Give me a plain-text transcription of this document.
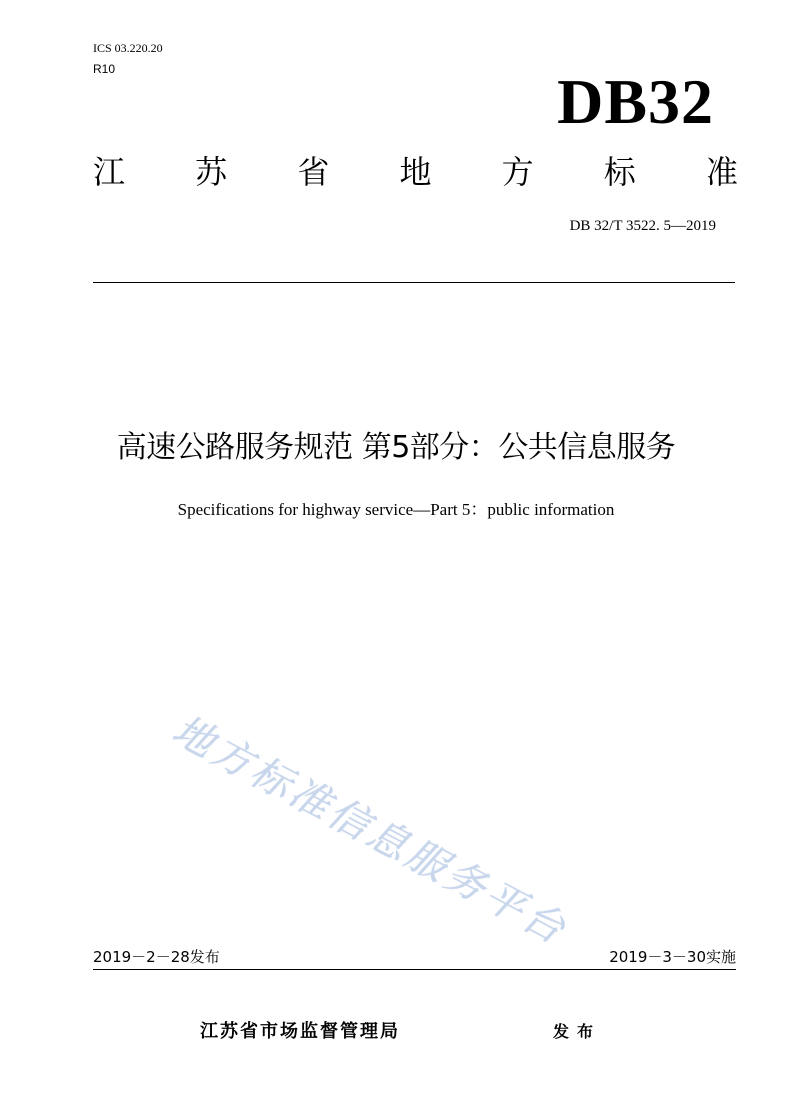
ICS 03.220.20
R10	DB32
江 苏 省 地 方 标 准
DB 32/T 3522. 5—2019
高速公路服务规范 第5部分：公共信息服务
Specifications for highway service—Part 5：public information
地方标准信息服务平台
2019－2－28发布	2019－3－30实施
江苏省市场监督管理局	发布
